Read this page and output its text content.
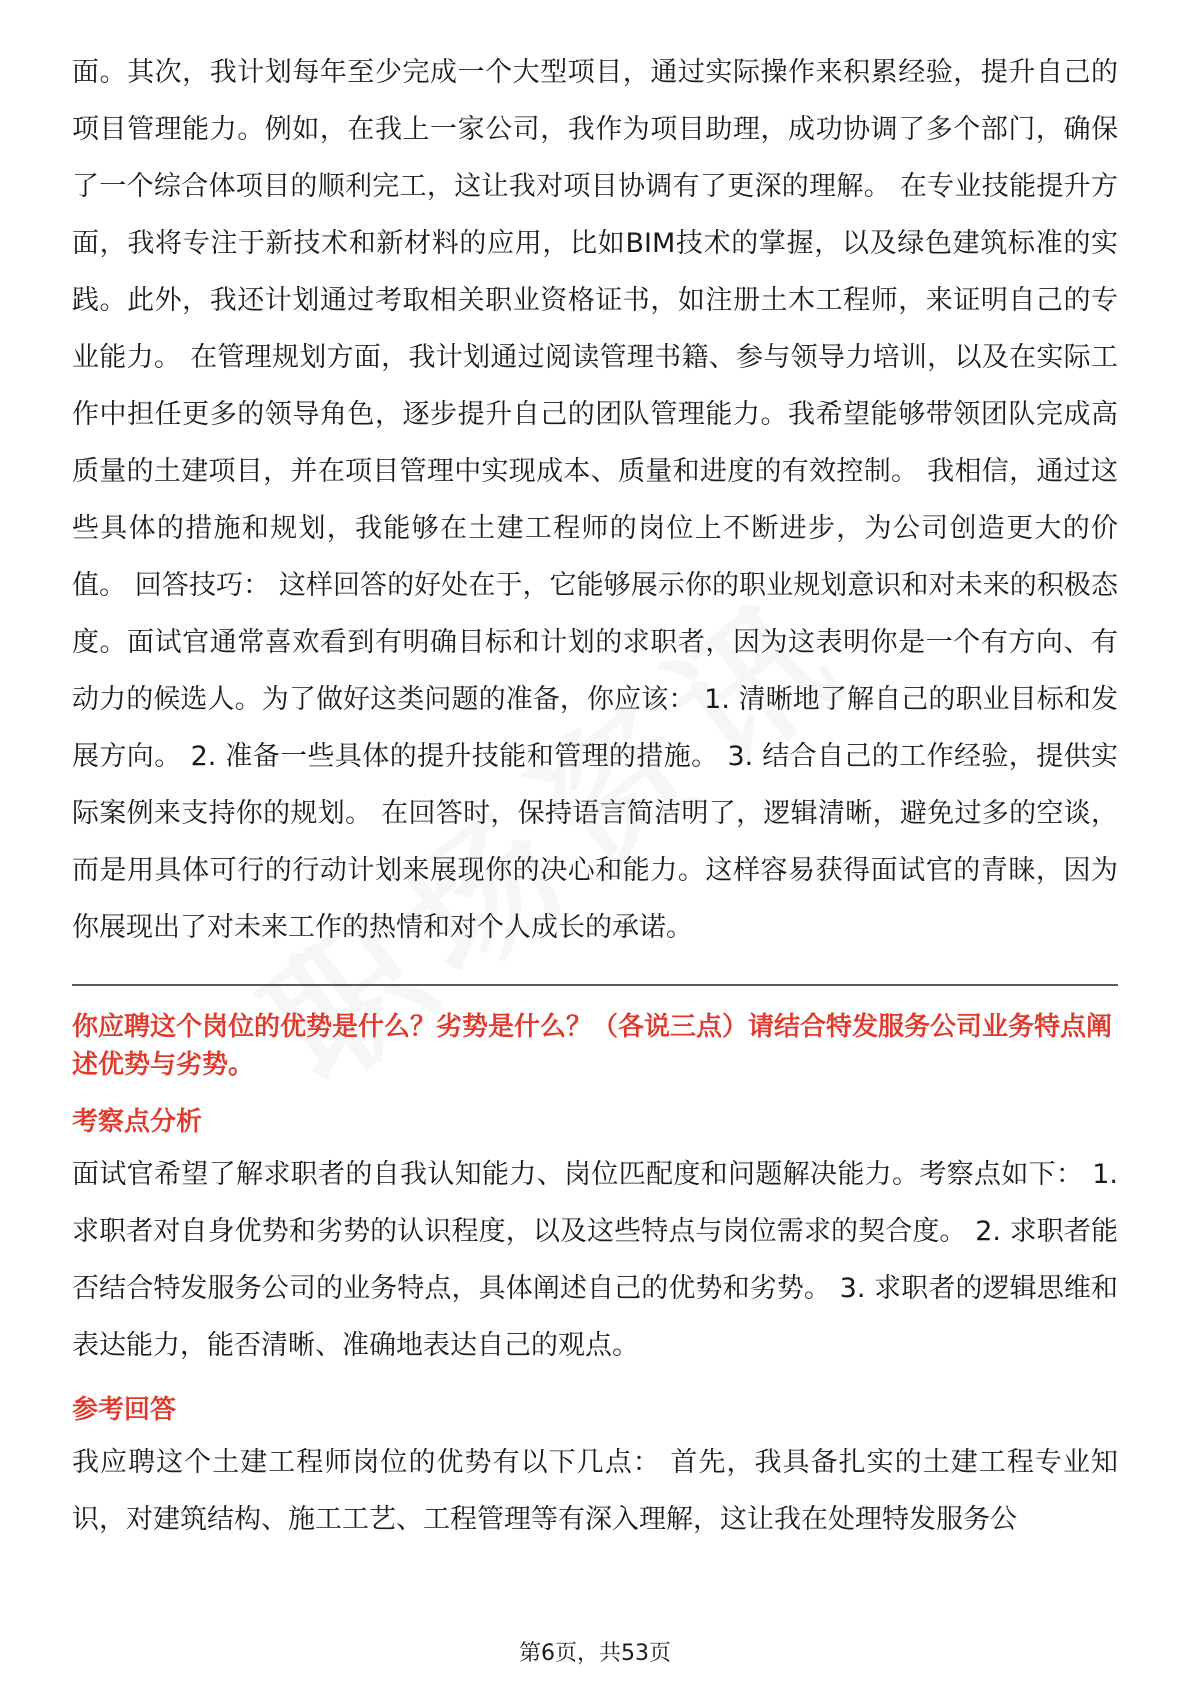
面。其次，我计划每年至少完成一个大型项目，通过实际操作来积累经验，提升自己的项目管理能力。例如，在我上一家公司，我作为项目助理，成功协调了多个部门，确保了一个综合体项目的顺利完工，这让我对项目协调有了更深的理解。 在专业技能提升方面，我将专注于新技术和新材料的应用，比如BIM技术的掌握，以及绿色建筑标准的实践。此外，我还计划通过考取相关职业资格证书，如注册土木工程师，来证明自己的专业能力。 在管理规划方面，我计划通过阅读管理书籍、参与领导力培训，以及在实际工作中担任更多的领导角色，逐步提升自己的团队管理能力。我希望能够带领团队完成高质量的土建项目，并在项目管理中实现成本、质量和进度的有效控制。 我相信，通过这些具体的措施和规划，我能够在土建工程师的岗位上不断进步，为公司创造更大的价值。 回答技巧： 这样回答的好处在于，它能够展示你的职业规划意识和对未来的积极态度。面试官通常喜欢看到有明确目标和计划的求职者，因为这表明你是一个有方向、有动力的候选人。为了做好这类问题的准备，你应该： 1. 清晰地了解自己的职业目标和发展方向。 2. 准备一些具体的提升技能和管理的措施。 3. 结合自己的工作经验，提供实际案例来支持你的规划。 在回答时，保持语言简洁明了，逻辑清晰，避免过多的空谈，而是用具体可行的行动计划来展现你的决心和能力。这样容易获得面试官的青睐，因为你展现出了对未来工作的热情和对个人成长的承诺。

你应聘这个岗位的优势是什么？劣势是什么？（各说三点）请结合特发服务公司业务特点阐述优势与劣势。

考察点分析

面试官希望了解求职者的自我认知能力、岗位匹配度和问题解决能力。考察点如下： 1. 求职者对自身优势和劣势的认识程度，以及这些特点与岗位需求的契合度。 2. 求职者能否结合特发服务公司的业务特点，具体阐述自己的优势和劣势。 3. 求职者的逻辑思维和表达能力，能否清晰、准确地表达自己的观点。

参考回答

我应聘这个土建工程师岗位的优势有以下几点： 首先，我具备扎实的土建工程专业知识，对建筑结构、施工工艺、工程管理等有深入理解，这让我在处理特发服务公

第6页，共53页
